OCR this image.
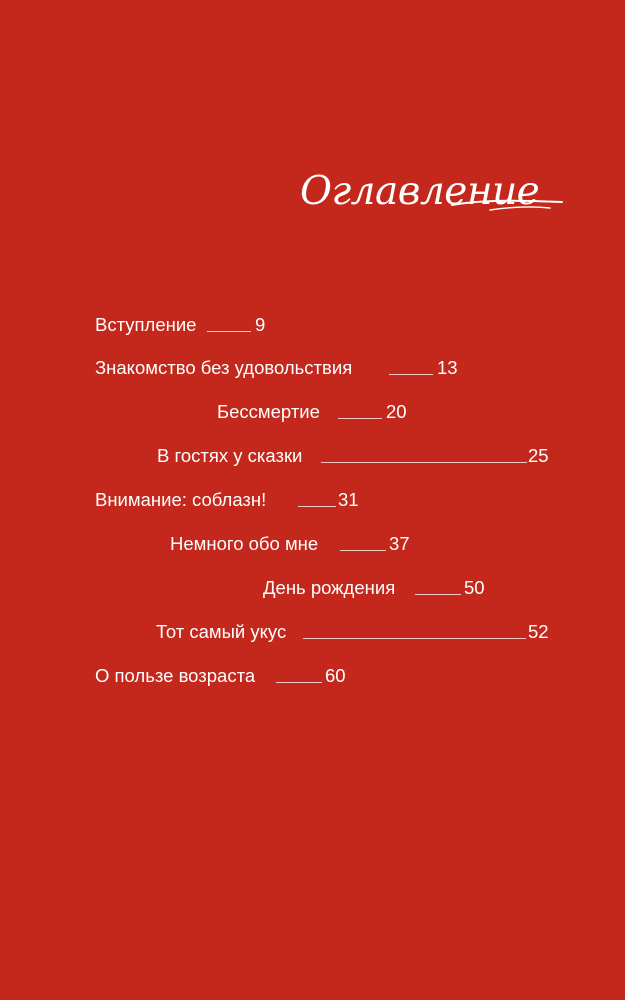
Оглавление
Вступление	9
Знакомство без удовольствия	13
Бессмертие	20
В гостях у сказки	25
Внимание: соблазн!	31
Немного обо мне	37
День рождения	50
Тот самый укус	52
О пользе возраста	60
